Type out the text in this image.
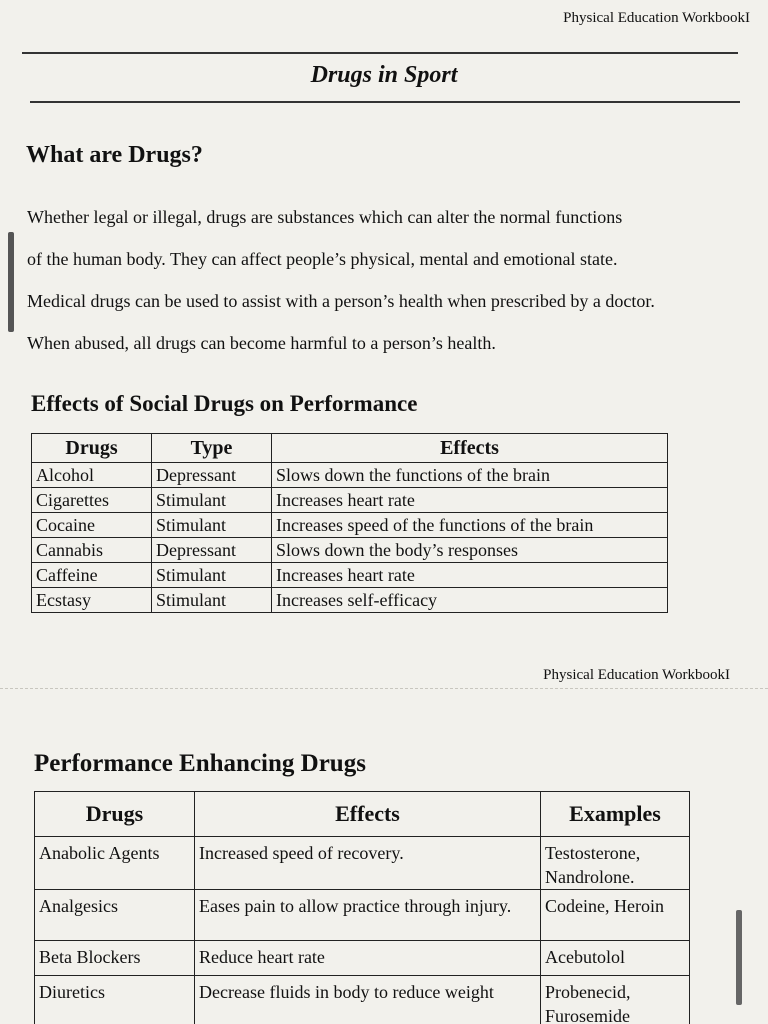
Physical Education WorkbookI
Drugs in Sport
What are Drugs?

Whether legal or illegal, drugs are substances which can alter the normal functions

of the human body. They can affect people’s physical, mental and emotional state.

Medical drugs can be used to assist with a person’s health when prescribed by a doctor.

When abused, all drugs can become harmful to a person’s health.

Effects of Social Drugs on Performance
Drugs	Type	Effects
Alcohol	Depressant	Slows down the functions of the brain
Cigarettes	Stimulant	Increases heart rate
Cocaine	Stimulant	Increases speed of the functions of the brain
Cannabis	Depressant	Slows down the body’s responses
Caffeine	Stimulant	Increases heart rate
Ecstasy	Stimulant	Increases self-efficacy
Physical Education WorkbookI
Performance Enhancing Drugs
Drugs	Effects	Examples
Anabolic Agents	Increased speed of recovery.	Testosterone, Nandrolone.
Analgesics	Eases pain to allow practice through injury.	Codeine, Heroin
Beta Blockers	Reduce heart rate	Acebutolol
Diuretics	Decrease fluids in body to reduce weight	Probenecid, Furosemide
